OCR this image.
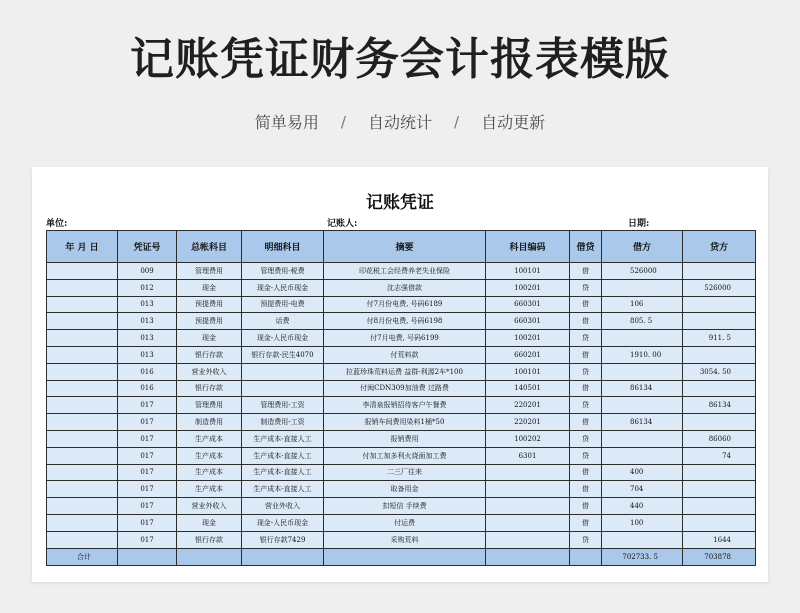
记账凭证财务会计报表模版
简单易用 / 自动统计 / 自动更新
记账凭证
单位:	记账人:	日期:
年 月 日	凭证号	总帐科目	明细科目	摘要	科目编码	借贷	借方	贷方
	009	管理费用	管理费用-税费	印花税工会经费养老失业保险	100101	借	526000	
	012	现金	现金-人民币现金	沈志强借款	100201	贷		526000
	013	预提费用	预提费用-电费	付7月份电费, 号码6189	660301	借	106	
	013	预提费用	话费	付8月份电费, 号码6198	660301	借	805. 5	
	013	现金	现金-人民币现金	付7月电费, 号码6199	100201	贷		911. 5
	013	银行存款	银行存款-民生4070	付荒料款	660201	借	1910. 00	
	016	营业外收入		拉蓝珍珠荒料运费 益群-利源2车*100	100101	贷		3054. 50
	016	银行存款		付闽CDN309加油费 过路费	140501	借	86134	
	017	管理费用	管理费用-工资	李清泉报销招待客户午餐费	220201	贷		86134
	017	制造费用	制造费用-工资	报销车间费用染料1桶*50	220201	借	86134	
	017	生产成本	生产成本-直接人工	报销费用	100202	贷		86060
	017	生产成本	生产成本-直接人工	付加工加多利火烧面加工费	6301	贷		74
	017	生产成本	生产成本-直接人工	二三厂往来		借	400	
	017	生产成本	生产成本-直接人工	取备用金		借	704	
	017	营业外收入	营业外收入	扣短信 手续费		借	440	
	017	现金	现金-人民币现金	付运费		借	100	
	017	银行存款	银行存款7429	采购荒料		贷		1644
合计							702733. 5	703878
